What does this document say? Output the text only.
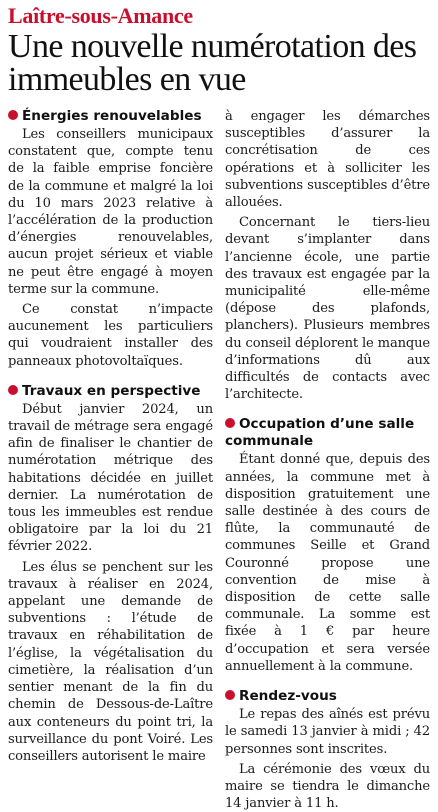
Laître-sous-Amance

Une nouvelle numérotation des immeubles en vue
Énergies renouvelables

Les conseillers municipaux constatent que, compte tenu de la faible emprise foncière de la commune et malgré la loi du 10 mars 2023 relative à l’accélération de la production d’énergies renouvelables, aucun projet sérieux et viable ne peut être engagé à moyen terme sur la commune.

Ce constat n’impacte aucunement les particuliers qui voudraient installer des panneaux photovoltaïques.

Travaux en perspective

Début janvier 2024, un travail de métrage sera engagé afin de finaliser le chantier de numérotation métrique des habitations décidée en juillet dernier. La numérotation de tous les immeubles est rendue obligatoire par la loi du 21 février 2022.

Les élus se penchent sur les travaux à réaliser en 2024, appelant une demande de subventions : l’étude de travaux en réhabilitation de l’église, la végétalisation du cimetière, la réalisation d’un sentier menant de la fin du chemin de Dessous-de-Laître aux conteneurs du point tri, la surveillance du pont Voiré. Les conseillers autorisent le maire

à engager les démarches susceptibles d’assurer la concrétisation de ces opérations et à solliciter les subventions susceptibles d’être allouées.

Concernant le tiers-lieu devant s’implanter dans l’ancienne école, une partie des travaux est engagée par la municipalité elle-même (dépose des plafonds, planchers). Plusieurs membres du conseil déplorent le manque d’informations dû aux difficultés de contacts avec l’architecte.

Occupation d’une salle communale

Étant donné que, depuis des années, la commune met à disposition gratuitement une salle destinée à des cours de flûte, la communauté de communes Seille et Grand Couronné propose une convention de mise à disposition de cette salle communale. La somme est fixée à 1 € par heure d’occupation et sera versée annuellement à la commune.

Rendez-vous

Le repas des aînés est prévu le samedi 13 janvier à midi ; 42 personnes sont inscrites.

La cérémonie des vœux du maire se tiendra le dimanche 14 janvier à 11 h.
